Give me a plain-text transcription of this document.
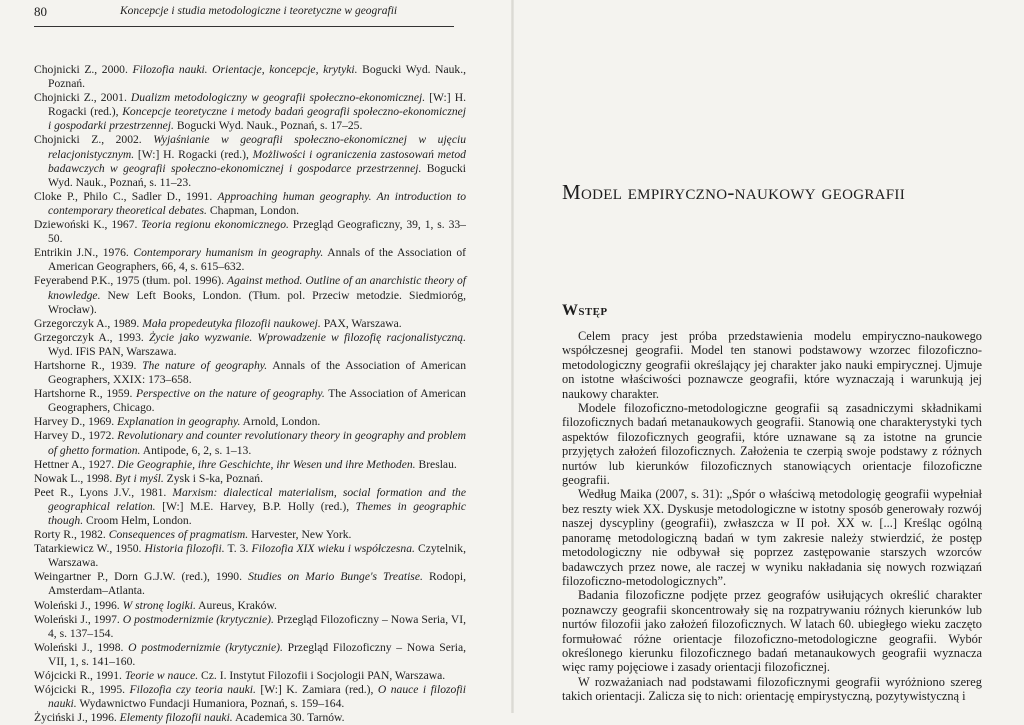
80	Koncepcje i studia metodologiczne i teoretyczne w geografii
Chojnicki Z., 2000. Filozofia nauki. Orientacje, koncepcje, krytyki. Bogucki Wyd. Nauk., Poznań.
Chojnicki Z., 2001. Dualizm metodologiczny w geografii społeczno-ekonomicznej. [W:] H. Rogacki (red.), Koncepcje teoretyczne i metody badań geografii społeczno-ekonomicznej i gospodarki przestrzennej. Bogucki Wyd. Nauk., Poznań, s. 17–25.
Chojnicki Z., 2002. Wyjaśnianie w geografii społeczno-ekonomicznej w ujęciu relacjonistycznym. [W:] H. Rogacki (red.), Możliwości i ograniczenia zastosowań metod badawczych w geografii społeczno-ekonomicznej i gospodarce przestrzennej. Bogucki Wyd. Nauk., Poznań, s. 11–23.
Cloke P., Philo C., Sadler D., 1991. Approaching human geography. An introduction to contemporary theoretical debates. Chapman, London.
Dziewoński K., 1967. Teoria regionu ekonomicznego. Przegląd Geograficzny, 39, 1, s. 33–50.
Entrikin J.N., 1976. Contemporary humanism in geography. Annals of the Association of American Geographers, 66, 4, s. 615–632.
Feyerabend P.K., 1975 (tłum. pol. 1996). Against method. Outline of an anarchistic theory of knowledge. New Left Books, London. (Tłum. pol. Przeciw metodzie. Siedmioróg, Wrocław).
Grzegorczyk A., 1989. Mała propedeutyka filozofii naukowej. PAX, Warszawa.
Grzegorczyk A., 1993. Życie jako wyzwanie. Wprowadzenie w filozofię racjonalistyczną. Wyd. IFiS PAN, Warszawa.
Hartshorne R., 1939. The nature of geography. Annals of the Association of American Geographers, XXIX: 173–658.
Hartshorne R., 1959. Perspective on the nature of geography. The Association of American Geographers, Chicago.
Harvey D., 1969. Explanation in geography. Arnold, London.
Harvey D., 1972. Revolutionary and counter revolutionary theory in geography and problem of ghetto formation. Antipode, 6, 2, s. 1–13.
Hettner A., 1927. Die Geographie, ihre Geschichte, ihr Wesen und ihre Methoden. Breslau.
Nowak L., 1998. Byt i myśl. Zysk i S-ka, Poznań.
Peet R., Lyons J.V., 1981. Marxism: dialectical materialism, social formation and the geographical relation. [W:] M.E. Harvey, B.P. Holly (red.), Themes in geographic though. Croom Helm, London.
Rorty R., 1982. Consequences of pragmatism. Harvester, New York.
Tatarkiewicz W., 1950. Historia filozofii. T. 3. Filozofia XIX wieku i współczesna. Czytelnik, Warszawa.
Weingartner P., Dorn G.J.W. (red.), 1990. Studies on Mario Bunge's Treatise. Rodopi, Amsterdam–Atlanta.
Woleński J., 1996. W stronę logiki. Aureus, Kraków.
Woleński J., 1997. O postmodernizmie (krytycznie). Przegląd Filozoficzny – Nowa Seria, VI, 4, s. 137–154.
Woleński J., 1998. O postmodernizmie (krytycznie). Przegląd Filozoficzny – Nowa Seria, VII, 1, s. 141–160.
Wójcicki R., 1991. Teorie w nauce. Cz. I. Instytut Filozofii i Socjologii PAN, Warszawa.
Wójcicki R., 1995. Filozofia czy teoria nauki. [W:] K. Zamiara (red.), O nauce i filozofii nauki. Wydawnictwo Fundacji Humaniora, Poznań, s. 159–164.
Życiński J., 1996. Elementy filozofii nauki. Academica 30. Tarnów.
Model empiryczno-naukowy geografii
Wstęp

Celem pracy jest próba przedstawienia modelu empiryczno-naukowego współczesnej geografii. Model ten stanowi podstawowy wzorzec filozoficzno-metodologiczny geografii określający jej charakter jako nauki empirycznej. Ujmuje on istotne właściwości poznawcze geografii, które wyznaczają i warunkują jej naukowy charakter.

Modele filozoficzno-metodologiczne geografii są zasadniczymi składnikami filozoficznych badań metanaukowych geografii. Stanowią one charakterystyki tych aspektów filozoficznych geografii, które uznawane są za istotne na gruncie przyjętych założeń filozoficznych. Założenia te czerpią swoje podstawy z różnych nurtów lub kierunków filozoficznych stanowiących orientacje filozoficzne geografii.

Według Maika (2007, s. 31): „Spór o właściwą metodologię geografii wypełniał bez reszty wiek XX. Dyskusje metodologiczne w istotny sposób generowały rozwój naszej dyscypliny (geografii), zwłaszcza w II poł. XX w. [...] Kreśląc ogólną panoramę metodologiczną badań w tym zakresie należy stwierdzić, że postęp metodologiczny nie odbywał się poprzez zastępowanie starszych wzorców badawczych przez nowe, ale raczej w wyniku nakładania się nowych rozwiązań filozoficzno-metodologicznych”.

Badania filozoficzne podjęte przez geografów usiłujących określić charakter poznawczy geografii skoncentrowały się na rozpatrywaniu różnych kierunków lub nurtów filozofii jako założeń filozoficznych. W latach 60. ubiegłego wieku zaczęto formułować różne orientacje filozoficzno-metodologiczne geografii. Wybór określonego kierunku filozoficznego badań metanaukowych geografii wyznacza więc ramy pojęciowe i zasady orientacji filozoficznej.

W rozważaniach nad podstawami filozoficznymi geografii wyróżniono szereg takich orientacji. Zalicza się to nich: orientację empirystyczną, pozytywistyczną i
